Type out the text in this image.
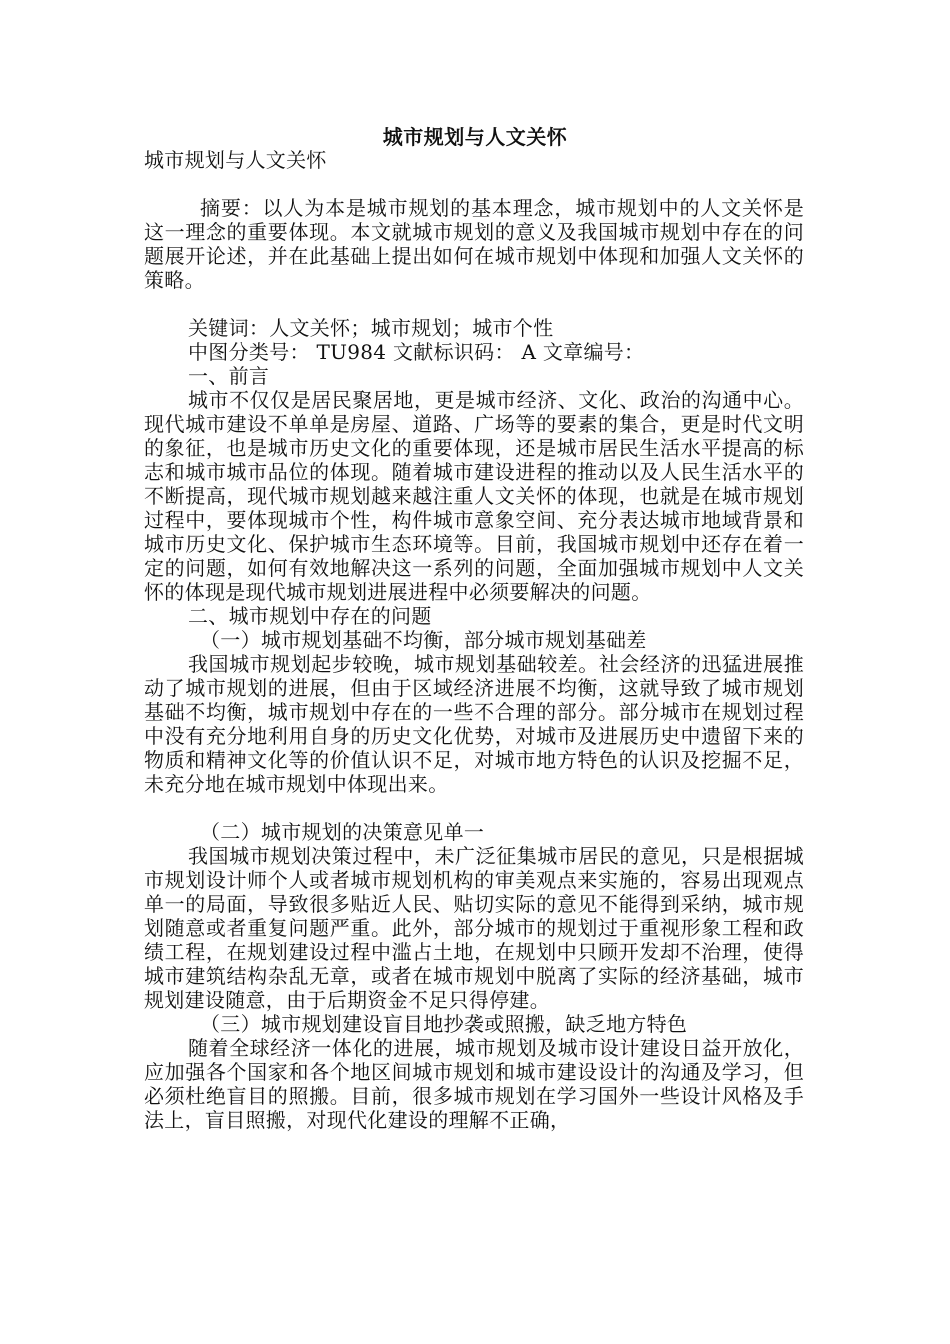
城市规划与人文关怀

城市规划与人文关怀

摘要：以人为本是城市规划的基本理念，城市规划中的人文关怀是这一理念的重要体现。本文就城市规划的意义及我国城市规划中存在的问题展开论述，并在此基础上提出如何在城市规划中体现和加强人文关怀的策略。

关键词：人文关怀；城市规划；城市个性

中图分类号： TU984 文献标识码： A 文章编号：

一、前言

城市不仅仅是居民聚居地，更是城市经济、文化、政治的沟通中心。现代城市建设不单单是房屋、道路、广场等的要素的集合，更是时代文明的象征，也是城市历史文化的重要体现，还是城市居民生活水平提高的标志和城市城市品位的体现。随着城市建设进程的推动以及人民生活水平的不断提高，现代城市规划越来越注重人文关怀的体现，也就是在城市规划过程中，要体现城市个性，构件城市意象空间、充分表达城市地域背景和城市历史文化、保护城市生态环境等。目前，我国城市规划中还存在着一定的问题，如何有效地解决这一系列的问题，全面加强城市规划中人文关怀的体现是现代城市规划进展进程中必须要解决的问题。

二、城市规划中存在的问题

（一）城市规划基础不均衡，部分城市规划基础差

我国城市规划起步较晚，城市规划基础较差。社会经济的迅猛进展推动了城市规划的进展，但由于区域经济进展不均衡，这就导致了城市规划基础不均衡，城市规划中存在的一些不合理的部分。部分城市在规划过程中没有充分地利用自身的历史文化优势，对城市及进展历史中遗留下来的物质和精神文化等的价值认识不足，对城市地方特色的认识及挖掘不足，未充分地在城市规划中体现出来。

（二）城市规划的决策意见单一

我国城市规划决策过程中，未广泛征集城市居民的意见，只是根据城市规划设计师个人或者城市规划机构的审美观点来实施的，容易出现观点单一的局面，导致很多贴近人民、贴切实际的意见不能得到采纳，城市规划随意或者重复问题严重。此外，部分城市的规划过于重视形象工程和政绩工程，在规划建设过程中滥占土地，在规划中只顾开发却不治理，使得城市建筑结构杂乱无章，或者在城市规划中脱离了实际的经济基础，城市规划建设随意，由于后期资金不足只得停建。

（三）城市规划建设盲目地抄袭或照搬，缺乏地方特色

随着全球经济一体化的进展，城市规划及城市设计建设日益开放化，应加强各个国家和各个地区间城市规划和城市建设设计的沟通及学习，但必须杜绝盲目的照搬。目前，很多城市规划在学习国外一些设计风格及手法上，盲目照搬，对现代化建设的理解不正确，
